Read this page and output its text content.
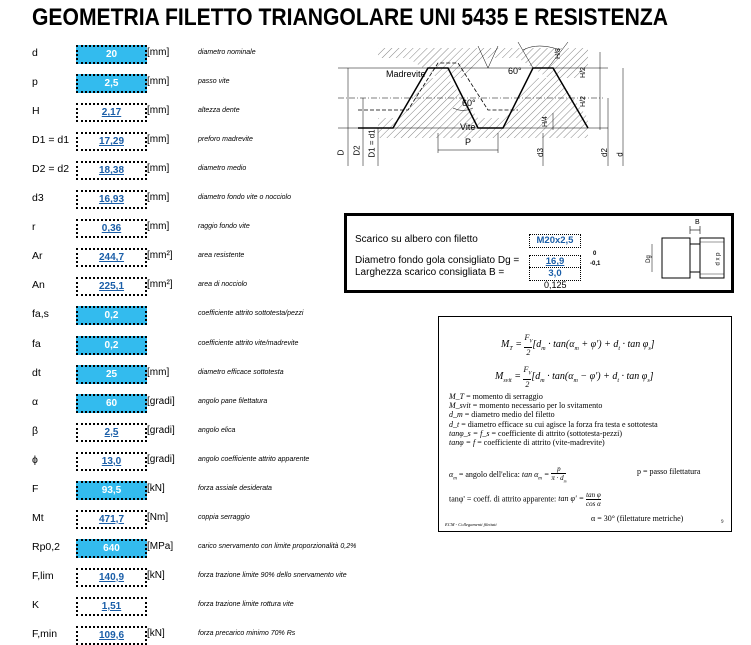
GEOMETRIA FILETTO TRIANGOLARE UNI 5435 E RESISTENZA
d	20	[mm]	diametro nominale
p	2,5	[mm]	passo vite
H	2,17	[mm]	altezza dente
D1 = d1	17,29	[mm]	preforo madrevite
D2 = d2	18,38	[mm]	diametro medio
d3	16,93	[mm]	diametro fondo vite o nocciolo
r	0,36	[mm]	raggio fondo vite
Ar	244,7	[mm²]	area resistente
An	225,1	[mm²]	area di nocciolo
fa,s	0,2	coefficiente attrito sottotesta/pezzi
fa	0,2	coefficiente attrito vite/madrevite
dt	25	[mm]	diametro efficace sottotesta
α	60	[gradi]	angolo pane filettatura
β	2,5	[gradi]	angolo elica
ϕ	13,0	[gradi]	angolo coefficiente attrito apparente
F	93,5	[kN]	forza assiale desiderata
Mt	471,7	[Nm]	coppia serraggio
Rp0,2	640	[MPa]	carico snervamento con limite proporzionalità 0,2%
F,lim	140,9	[kN]	forza trazione limite 90% dello snervamento vite
K	1,51	forza trazione limite rottura vite
F,min	109,6	[kN]	forza precarico minimo 70% Rs
Madrevite
Vite
60°
60°
P
H/8
H/2
H/2
H/4
D D2 D1 = d1	d3	d2 d
Scarico su albero con filetto	M20x2,5
Diametro fondo gola consigliato Dg =	16,9
0
-0,1
Larghezza scarico consigliata B =	3,0
0,125
B
Dg	d x p
$M_T$ =
$F_V$
$2[d_m \cdot \tan(\alpha_m + \varphi') + d_t \cdot \tan \varphi_s]$
$M_{svit}$ =
$F_V$
$2[d_m \cdot \tan(\alpha_m - \varphi') + d_t \cdot \tan \varphi_s]$
M_T = momento di serraggio
M_svit = momento necessario per lo svitamento
d_m = diametro medio del filetto
d_t = diametro efficace su cui agisce la forza fra testa e sottotesta
tanφ_s = f_s = coefficiente di attrito (sottotesta-pezzi)
tanφ = f = coefficiente di attrito (vite-madrevite)
$\alpha_m$ = angolo dell'elica: $\tan \alpha_m$ =
p
$\pi \cdot d_m$
p = passo filettatura
tanφ' = coeff. di attrito apparente: tan φ' = tan φ
cos α
α = 30° (filettature metriche)
ECM - Collegamenti filettati	9
